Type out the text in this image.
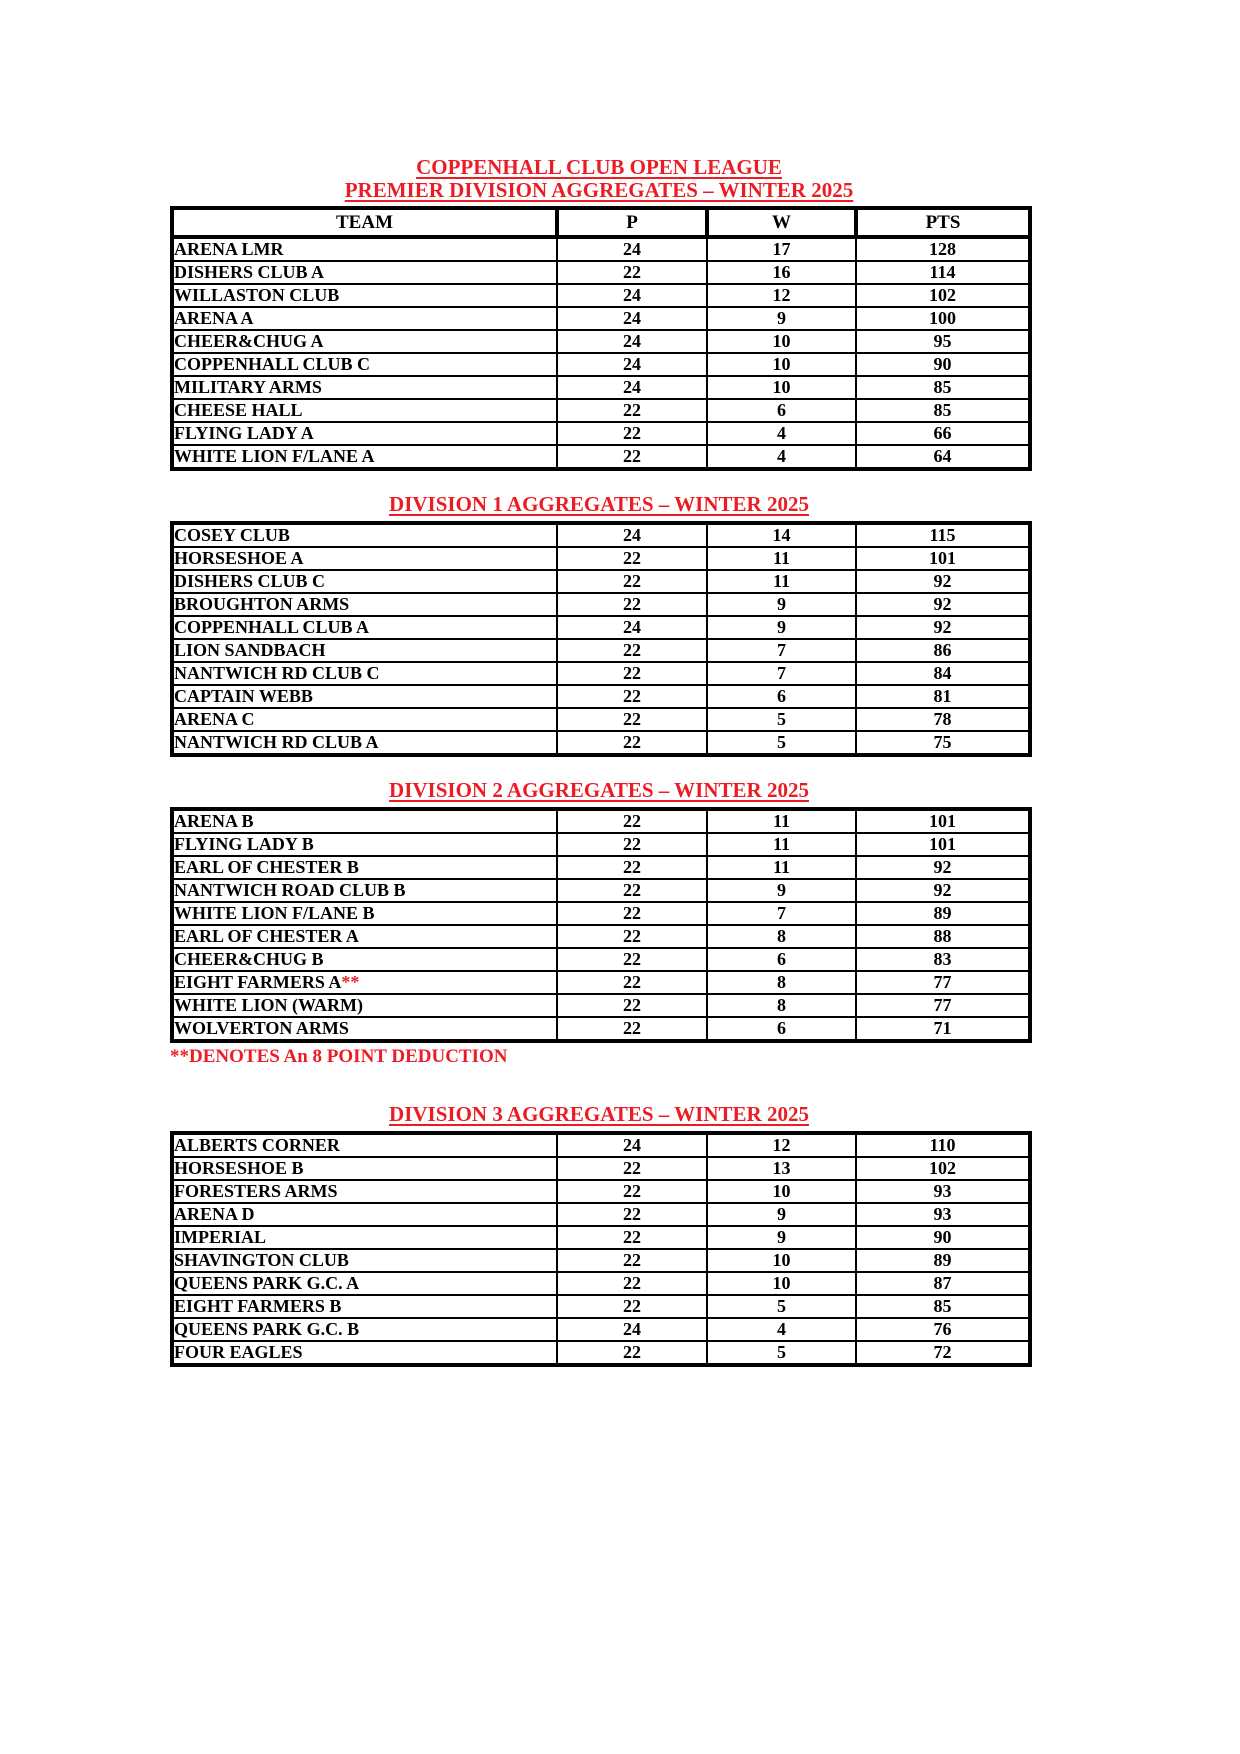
COPPENHALL CLUB OPEN LEAGUE
PREMIER DIVISION AGGREGATES – WINTER 2025
TEAM	P	W	PTS
ARENA LMR	24	17	128
DISHERS CLUB A	22	16	114
WILLASTON CLUB	24	12	102
ARENA A	24	9	100
CHEER&CHUG A	24	10	95
COPPENHALL CLUB C	24	10	90
MILITARY ARMS	24	10	85
CHEESE HALL	22	6	85
FLYING LADY A	22	4	66
WHITE LION F/LANE A	22	4	64
DIVISION 1 AGGREGATES – WINTER 2025
COSEY CLUB	24	14	115
HORSESHOE A	22	11	101
DISHERS CLUB C	22	11	92
BROUGHTON ARMS	22	9	92
COPPENHALL CLUB A	24	9	92
LION SANDBACH	22	7	86
NANTWICH RD CLUB C	22	7	84
CAPTAIN WEBB	22	6	81
ARENA C	22	5	78
NANTWICH RD CLUB A	22	5	75
DIVISION 2 AGGREGATES – WINTER 2025
ARENA B	22	11	101
FLYING LADY B	22	11	101
EARL OF CHESTER B	22	11	92
NANTWICH ROAD CLUB B	22	9	92
WHITE LION F/LANE B	22	7	89
EARL OF CHESTER A	22	8	88
CHEER&CHUG B	22	6	83
EIGHT FARMERS A**	22	8	77
WHITE LION (WARM)	22	8	77
WOLVERTON ARMS	22	6	71

**DENOTES An 8 POINT DEDUCTION

DIVISION 3 AGGREGATES – WINTER 2025
ALBERTS CORNER	24	12	110
HORSESHOE B	22	13	102
FORESTERS ARMS	22	10	93
ARENA D	22	9	93
IMPERIAL	22	9	90
SHAVINGTON CLUB	22	10	89
QUEENS PARK G.C. A	22	10	87
EIGHT FARMERS B	22	5	85
QUEENS PARK G.C. B	24	4	76
FOUR EAGLES	22	5	72
